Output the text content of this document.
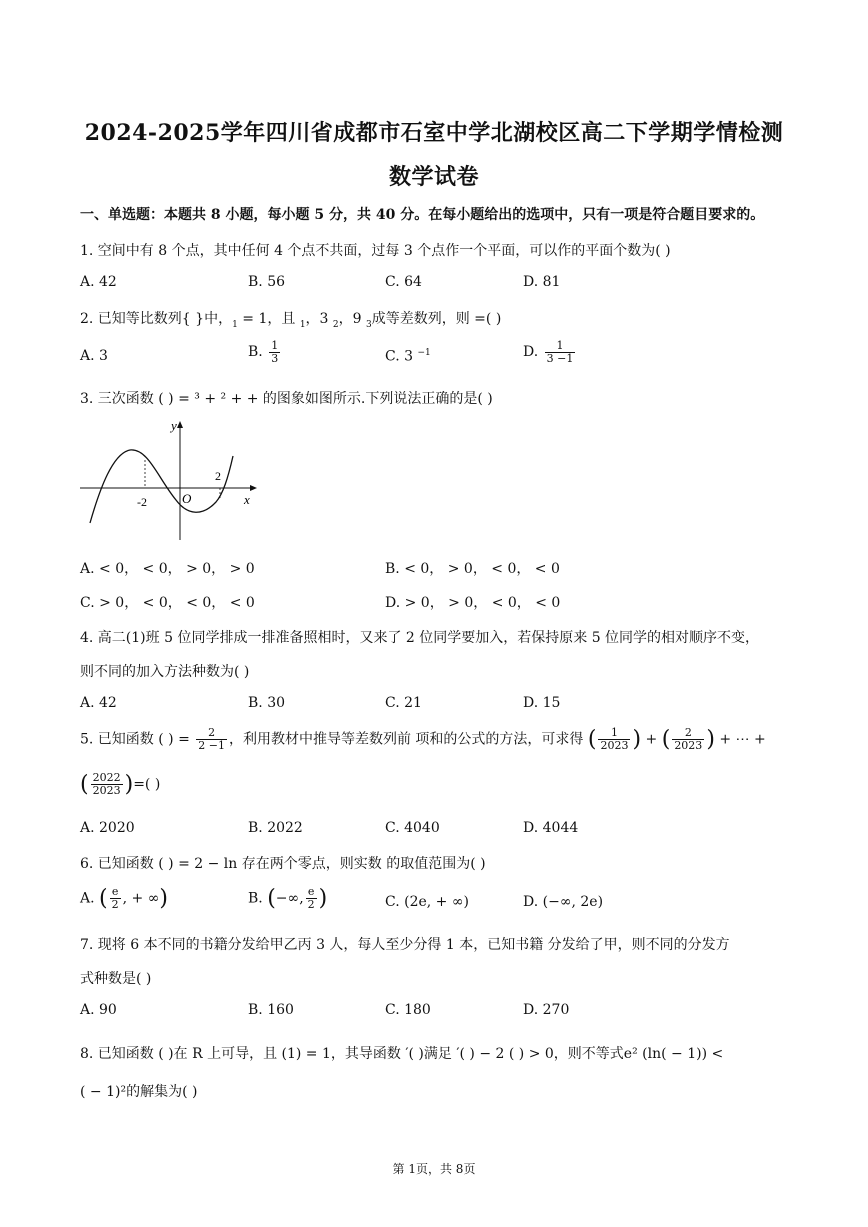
2024-2025学年四川省成都市石室中学北湖校区高二下学期学情检测
数学试卷
一、单选题：本题共 8 小题，每小题 5 分，共 40 分。在每小题给出的选项中，只有一项是符合题目要求的。
1. 空间中有 8 个点，其中任何 4 个点不共面，过每 3 个点作一个平面，可以作的平面个数为( )
A. 42	B. 56	C. 64	D. 81
2. 已知等比数列{ }中，$_1$ = 1，且 $_1$，3 $_2$，9 $_3$成等差数列，则 =( )
A. 3	B. $\frac{1}{3}$	C. 3 $^{-1}$	D. $\frac{1}{3 -1}$
3. 三次函数 ( ) = ³ + ² + + 的图象如图所示.下列说法正确的是( )
y
x
O
-2
2
A. < 0， < 0， > 0， > 0	B. < 0， > 0， < 0， < 0
C. > 0， < 0， < 0， < 0	D. > 0， > 0， < 0， < 0
4. 高二(1)班 5 位同学排成一排准备照相时，又来了 2 位同学要加入，若保持原来 5 位同学的相对顺序不变，
则不同的加入方法种数为( )
A. 42	B. 30	C. 21	D. 15
5. 已知函数 ( ) = $\frac{2}{2 -1}$ ，利用教材中推导等差数列前 项和的公式的方法，可求得 ( $\frac{1}{2023}$ ) + ( $\frac{2}{2023}$ ) + ⋯ +
( $\frac{2022}{2023}$ )=( )
A. 2020	B. 2022	C. 4040	D. 4044
6. 已知函数 ( ) = 2 − ln 存在两个零点，则实数 的取值范围为( )
A. ( $\frac{e}{2}$ , + ∞)	B. (−∞, $\frac{e}{2}$ )	C. (2e, + ∞)	D. (−∞, 2e)
7. 现将 6 本不同的书籍分发给甲乙丙 3 人，每人至少分得 1 本，已知书籍 分发给了甲，则不同的分发方
式种数是( )
A. 90	B. 160	C. 180	D. 270
8. 已知函数 ( )在 R 上可导，且 (1) = 1，其导函数 ′( )满足 ′( ) − 2 ( ) > 0，则不等式e² (ln( − 1)) <
( − 1)²的解集为( )
第 1页，共 8页
